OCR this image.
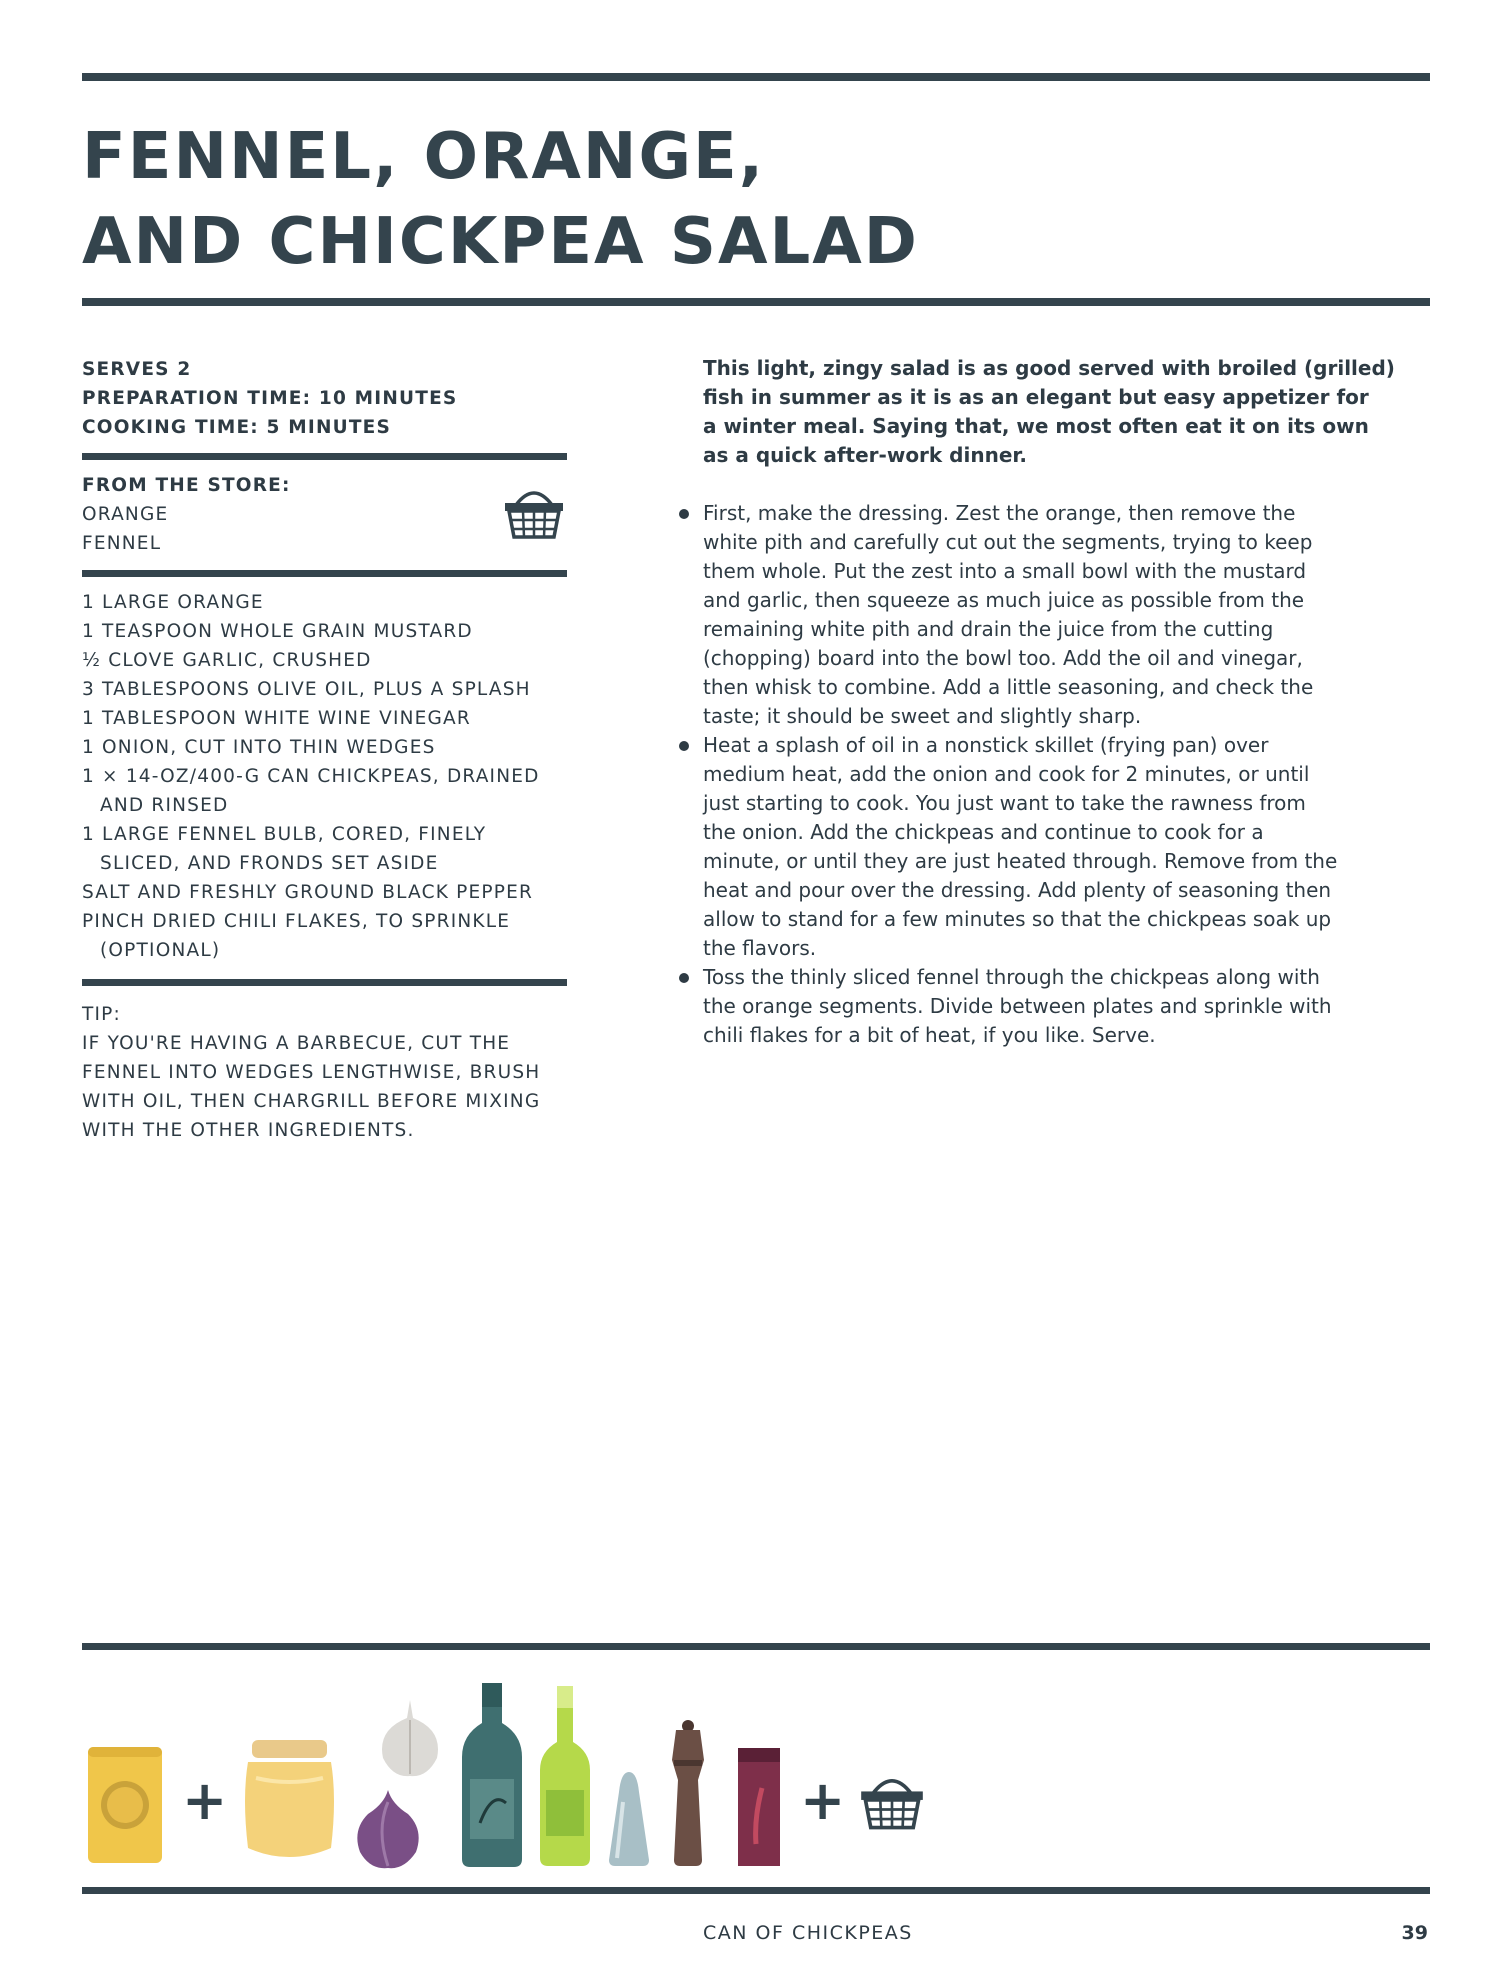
FENNEL, ORANGE,
AND CHICKPEA SALAD
SERVES 2
PREPARATION TIME: 10 MINUTES
COOKING TIME: 5 MINUTES
FROM THE STORE:
ORANGE
FENNEL
1 LARGE ORANGE
1 TEASPOON WHOLE GRAIN MUSTARD
½ CLOVE GARLIC, CRUSHED
3 TABLESPOONS OLIVE OIL, PLUS A SPLASH
1 TABLESPOON WHITE WINE VINEGAR
1 ONION, CUT INTO THIN WEDGES
1 × 14-OZ/400-G CAN CHICKPEAS, DRAINED
AND RINSED
1 LARGE FENNEL BULB, CORED, FINELY
SLICED, AND FRONDS SET ASIDE
SALT AND FRESHLY GROUND BLACK PEPPER
PINCH DRIED CHILI FLAKES, TO SPRINKLE
(OPTIONAL)
TIP:
IF YOU'RE HAVING A BARBECUE, CUT THE
FENNEL INTO WEDGES LENGTHWISE, BRUSH
WITH OIL, THEN CHARGRILL BEFORE MIXING
WITH THE OTHER INGREDIENTS.

This light, zingy salad is as good served with broiled (grilled)

fish in summer as it is as an elegant but easy appetizer for

a winter meal. Saying that, we most often eat it on its own

as a quick after-work dinner.

First, make the dressing. Zest the orange, then remove the
white pith and carefully cut out the segments, trying to keep
them whole. Put the zest into a small bowl with the mustard
and garlic, then squeeze as much juice as possible from the
remaining white pith and drain the juice from the cutting
(chopping) board into the bowl too. Add the oil and vinegar,
then whisk to combine. Add a little seasoning, and check the
taste; it should be sweet and slightly sharp.
Heat a splash of oil in a nonstick skillet (frying pan) over
medium heat, add the onion and cook for 2 minutes, or until
just starting to cook. You just want to take the rawness from
the onion. Add the chickpeas and continue to cook for a
minute, or until they are just heated through. Remove from the
heat and pour over the dressing. Add plenty of seasoning then
allow to stand for a few minutes so that the chickpeas soak up
the flavors.
Toss the thinly sliced fennel through the chickpeas along with
the orange segments. Divide between plates and sprinkle with
chili flakes for a bit of heat, if you like. Serve.
+	+
CAN OF CHICKPEAS	39
